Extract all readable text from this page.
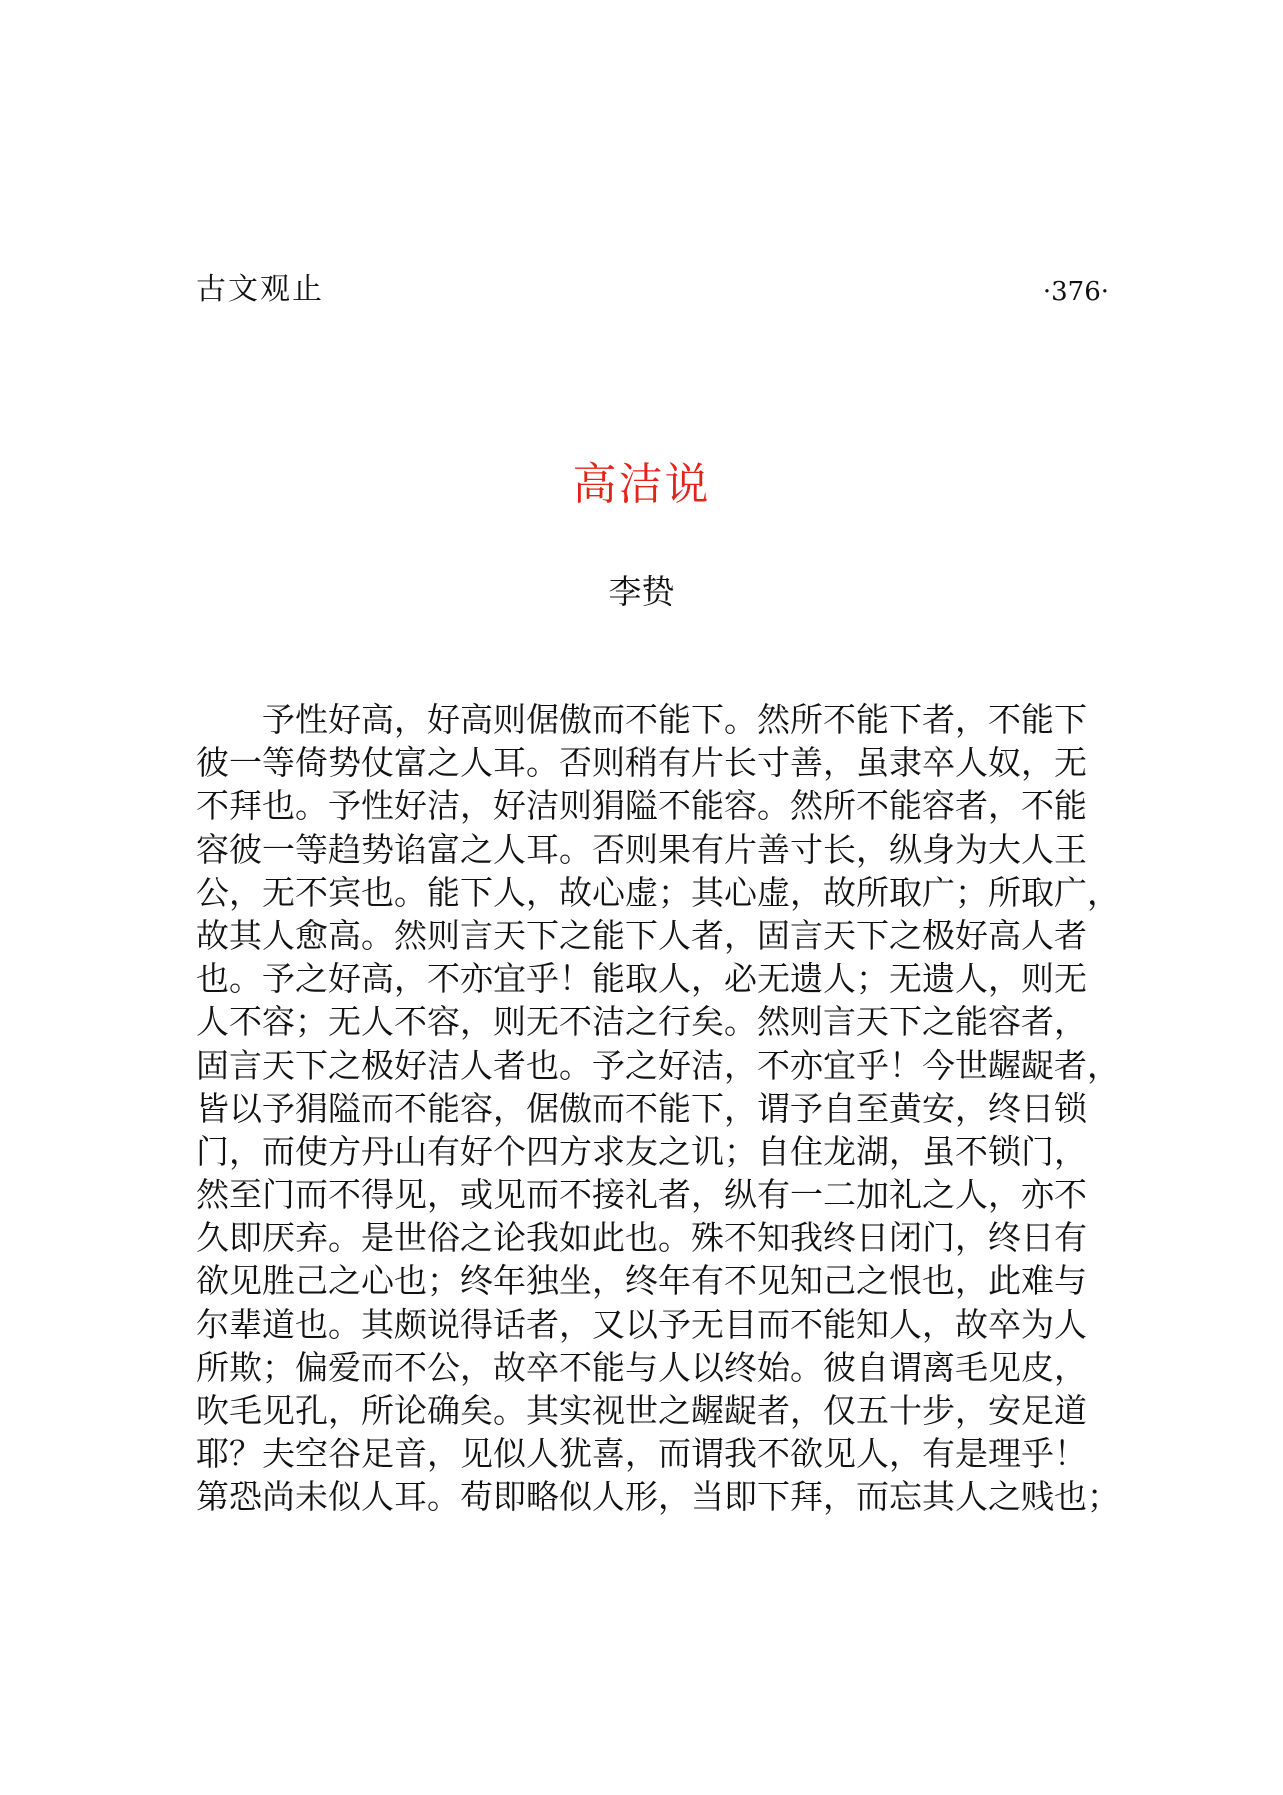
古文观止	·376·
高洁说
李贽
予性好高，好高则倨傲而不能下。然所不能下者，不能下
彼一等倚势仗富之人耳。否则稍有片长寸善，虽隶卒人奴，无
不拜也。予性好洁，好洁则狷隘不能容。然所不能容者，不能
容彼一等趋势谄富之人耳。否则果有片善寸长，纵身为大人王
公，无不宾也。能下人，故心虚；其心虚，故所取广；所取广，
故其人愈高。然则言天下之能下人者，固言天下之极好高人者
也。予之好高，不亦宜乎！能取人，必无遗人；无遗人，则无
人不容；无人不容，则无不洁之行矣。然则言天下之能容者，
固言天下之极好洁人者也。予之好洁，不亦宜乎！今世龌龊者，
皆以予狷隘而不能容，倨傲而不能下，谓予自至黄安，终日锁
门，而使方丹山有好个四方求友之讥；自住龙湖，虽不锁门，
然至门而不得见，或见而不接礼者，纵有一二加礼之人，亦不
久即厌弃。是世俗之论我如此也。殊不知我终日闭门，终日有
欲见胜己之心也；终年独坐，终年有不见知己之恨也，此难与
尔辈道也。其颇说得话者，又以予无目而不能知人，故卒为人
所欺；偏爱而不公，故卒不能与人以终始。彼自谓离毛见皮，
吹毛见孔，所论确矣。其实视世之龌龊者，仅五十步，安足道
耶？夫空谷足音，见似人犹喜，而谓我不欲见人，有是理乎！
第恐尚未似人耳。苟即略似人形，当即下拜，而忘其人之贱也；
